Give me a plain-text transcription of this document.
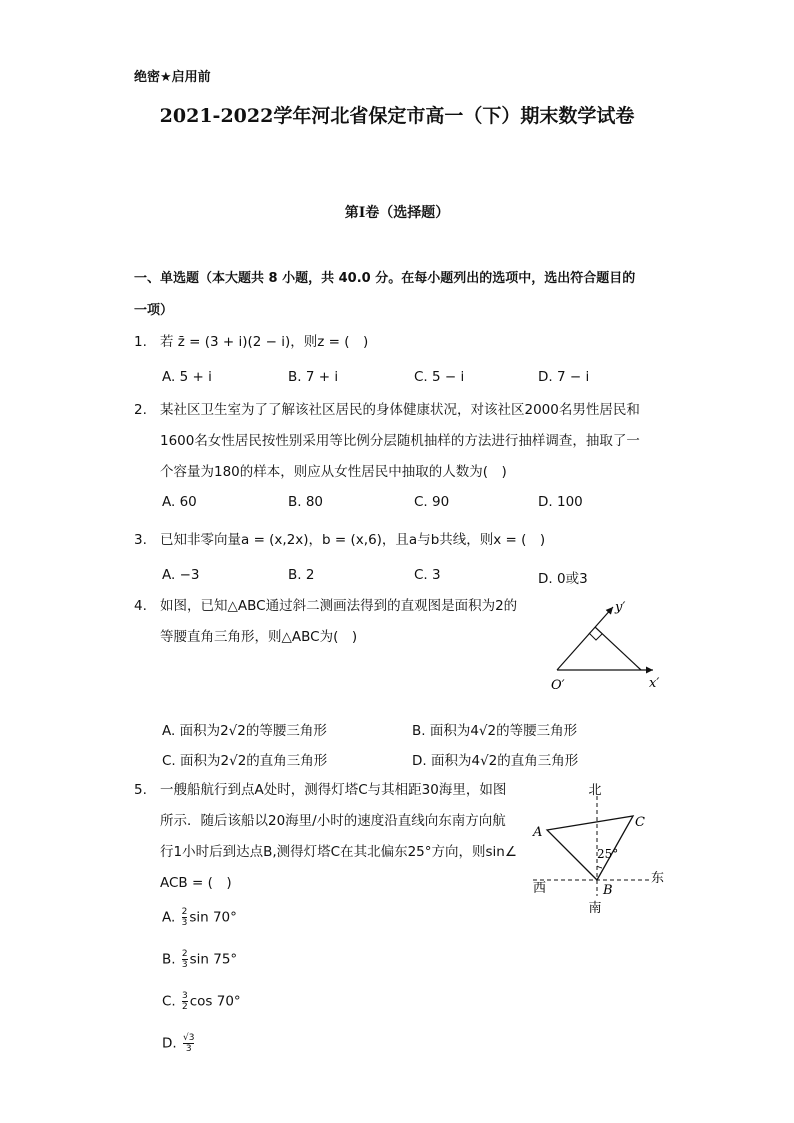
绝密★启用前
2021-2022学年河北省保定市高一（下）期末数学试卷
第I卷（选择题）
一、单选题（本大题共 8 小题，共 40.0 分。在每小题列出的选项中，选出符合题目的
一项）
1. 若 z̄ = (3 + i)(2 − i)，则z = (　)
A. 5 + i	B. 7 + i	C. 5 − i	D. 7 − i
2. 某社区卫生室为了了解该社区居民的身体健康状况，对该社区2000名男性居民和
1600名女性居民按性别采用等比例分层随机抽样的方法进行抽样调查，抽取了一
个容量为180的样本，则应从女性居民中抽取的人数为(　)
A. 60	B. 80	C. 90	D. 100
3. 已知非零向量a = (x,2x)，b = (x,6)，且a与b共线，则x = (　)
A. −3	B. 2	C. 3	D. 0或3
4. 如图，已知△ABC通过斜二测画法得到的直观图是面积为2的
等腰直角三角形，则△ABC为(　)
y′
x′
O′
A. 面积为2√2的等腰三角形	B. 面积为4√2的等腰三角形
C. 面积为2√2的直角三角形	D. 面积为4√2的直角三角形
5. 一艘船航行到点A处时，测得灯塔C与其相距30海里，如图
所示．随后该船以20海里/小时的速度沿直线向东南方向航
行1小时后到达点B,测得灯塔C在其北偏东25°方向，则sin∠
ACB = (　)
北
南
东
西
A
C
B
25°
A. $\frac{2}{3}$ sin 70°
B. $\frac{2}{3}$ sin 75°
C. $\frac{3}{2}$ cos 70°
D. $\frac{√3}{3}$
